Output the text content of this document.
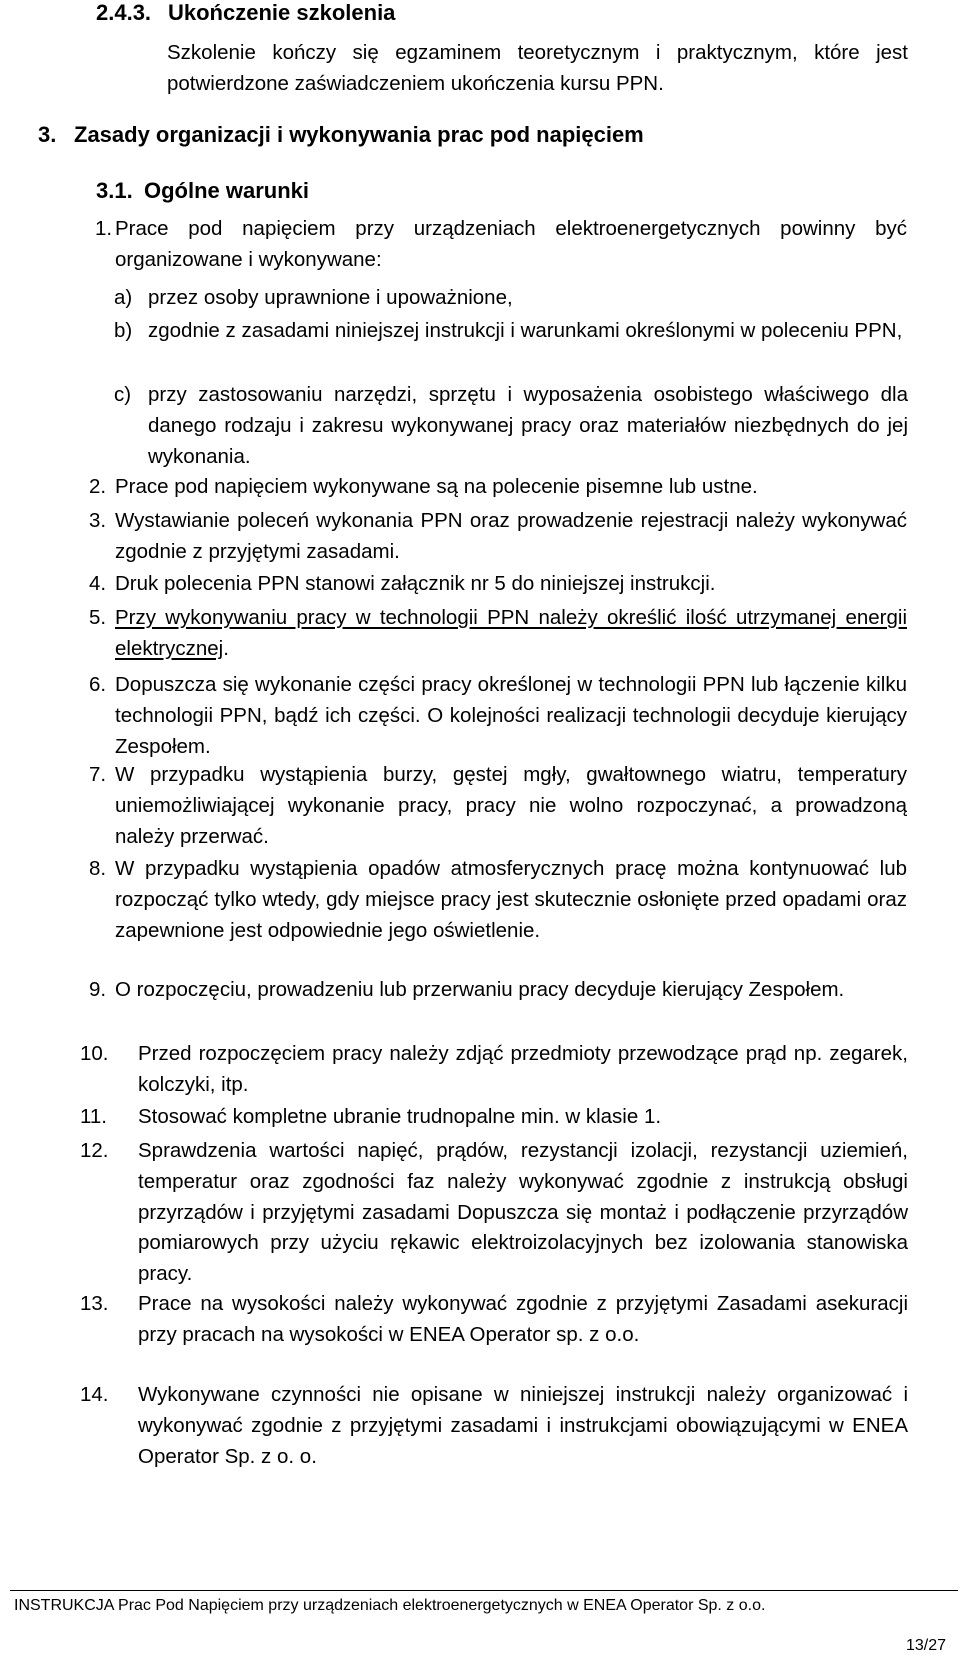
2.4.3. Ukończenie szkolenia
Szkolenie kończy się egzaminem teoretycznym i praktycznym, które jest potwierdzone zaświadczeniem ukończenia kursu PPN.
3. Zasady organizacji i wykonywania prac pod napięciem
3.1. Ogólne warunki
1. Prace pod napięciem przy urządzeniach elektroenergetycznych powinny być organizowane i wykonywane:
a) przez osoby uprawnione i upoważnione,
b) zgodnie z zasadami niniejszej instrukcji i warunkami określonymi w poleceniu PPN,
c) przy zastosowaniu narzędzi, sprzętu i wyposażenia osobistego właściwego dla danego rodzaju i zakresu wykonywanej pracy oraz materiałów niezbędnych do jej wykonania.
2. Prace pod napięciem wykonywane są na polecenie pisemne lub ustne.
3. Wystawianie poleceń wykonania PPN oraz prowadzenie rejestracji należy wykonywać zgodnie z przyjętymi zasadami.
4. Druk polecenia PPN stanowi załącznik nr 5 do niniejszej instrukcji.
5. Przy wykonywaniu pracy w technologii PPN należy określić ilość utrzymanej energii elektrycznej.
6. Dopuszcza się wykonanie części pracy określonej w technologii PPN lub łączenie kilku technologii PPN, bądź ich części. O kolejności realizacji technologii decyduje kierujący Zespołem.
7. W przypadku wystąpienia burzy, gęstej mgły, gwałtownego wiatru, temperatury uniemożliwiającej wykonanie pracy, pracy nie wolno rozpoczynać, a prowadzoną należy przerwać.
8. W przypadku wystąpienia opadów atmosferycznych pracę można kontynuować lub rozpocząć tylko wtedy, gdy miejsce pracy jest skutecznie osłonięte przed opadami oraz zapewnione jest odpowiednie jego oświetlenie.
9. O rozpoczęciu, prowadzeniu lub przerwaniu pracy decyduje kierujący Zespołem.
10. Przed rozpoczęciem pracy należy zdjąć przedmioty przewodzące prąd np. zegarek, kolczyki, itp.
11. Stosować kompletne ubranie trudnopalne min. w klasie 1.
12. Sprawdzenia wartości napięć, prądów, rezystancji izolacji, rezystancji uziemień, temperatur oraz zgodności faz należy wykonywać zgodnie z instrukcją obsługi przyrządów i przyjętymi zasadami Dopuszcza się montaż i podłączenie przyrządów pomiarowych przy użyciu rękawic elektroizolacyjnych bez izolowania stanowiska pracy.
13. Prace na wysokości należy wykonywać zgodnie z przyjętymi Zasadami asekuracji przy pracach na wysokości w ENEA Operator sp. z o.o.
14. Wykonywane czynności nie opisane w niniejszej instrukcji należy organizować i wykonywać zgodnie z przyjętymi zasadami i instrukcjami obowiązującymi w ENEA Operator Sp. z o. o.
INSTRUKCJA Prac Pod Napięciem przy urządzeniach elektroenergetycznych w ENEA Operator Sp. z o.o.
13/27
